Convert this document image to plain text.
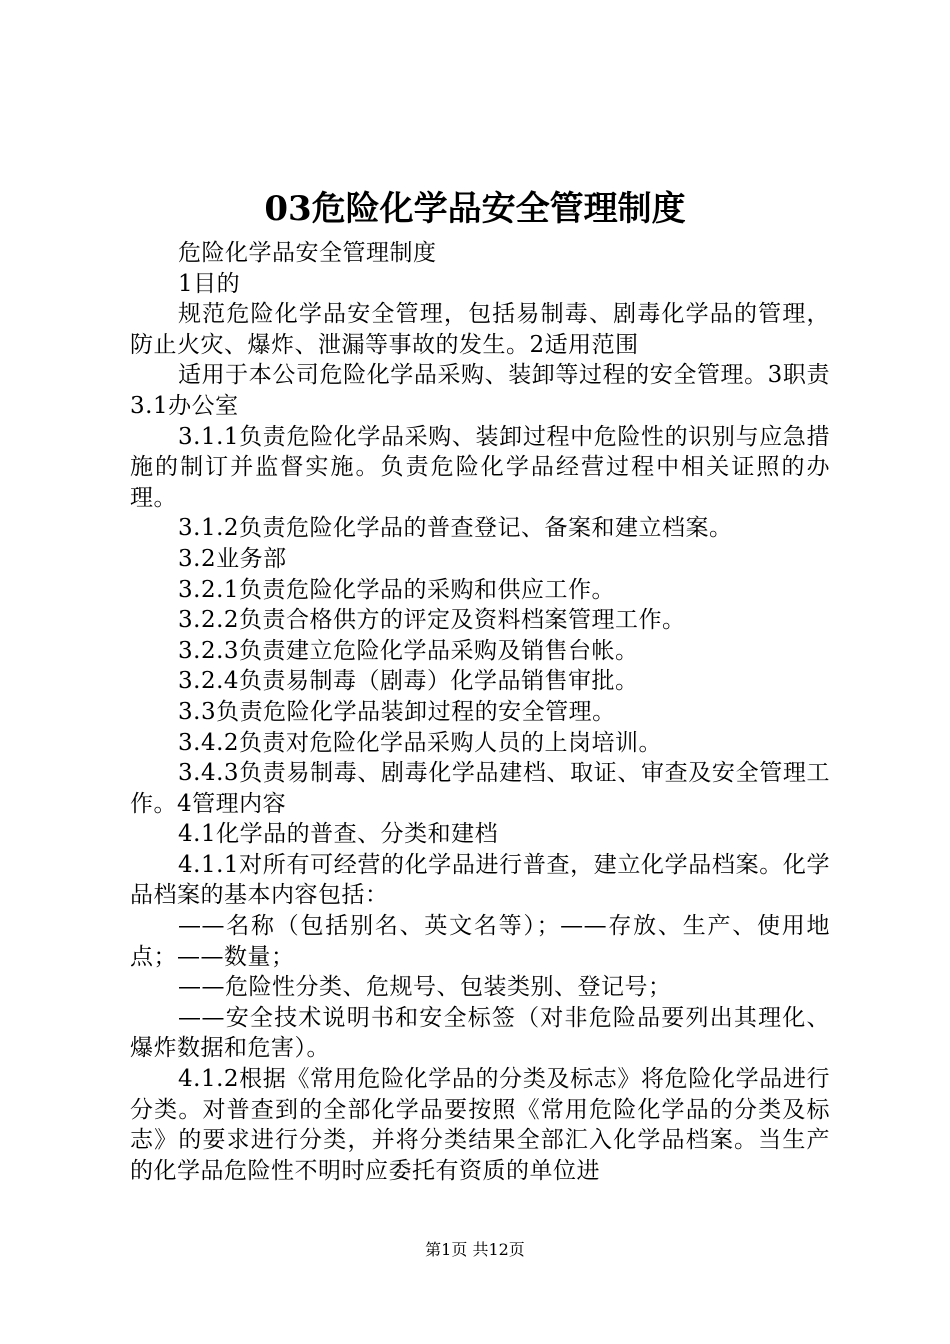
03危险化学品安全管理制度

危险化学品安全管理制度

1目的

规范危险化学品安全管理，包括易制毒、剧毒化学品的管理，防止火灾、爆炸、泄漏等事故的发生。2适用范围

适用于本公司危险化学品采购、装卸等过程的安全管理。3职责3.1办公室

3.1.1负责危险化学品采购、装卸过程中危险性的识别与应急措施的制订并监督实施。负责危险化学品经营过程中相关证照的办理。

3.1.2负责危险化学品的普查登记、备案和建立档案。

3.2业务部

3.2.1负责危险化学品的采购和供应工作。

3.2.2负责合格供方的评定及资料档案管理工作。

3.2.3负责建立危险化学品采购及销售台帐。

3.2.4负责易制毒（剧毒）化学品销售审批。

3.3负责危险化学品装卸过程的安全管理。

3.4.2负责对危险化学品采购人员的上岗培训。

3.4.3负责易制毒、剧毒化学品建档、取证、审查及安全管理工作。4管理内容

4.1化学品的普查、分类和建档

4.1.1对所有可经营的化学品进行普查，建立化学品档案。化学品档案的基本内容包括：

——名称（包括别名、英文名等）；——存放、生产、使用地点；——数量；

——危险性分类、危规号、包装类别、登记号；

——安全技术说明书和安全标签（对非危险品要列出其理化、爆炸数据和危害）。

4.1.2根据《常用危险化学品的分类及标志》将危险化学品进行分类。对普查到的全部化学品要按照《常用危险化学品的分类及标志》的要求进行分类，并将分类结果全部汇入化学品档案。当生产的化学品危险性不明时应委托有资质的单位进

第1页 共12页
